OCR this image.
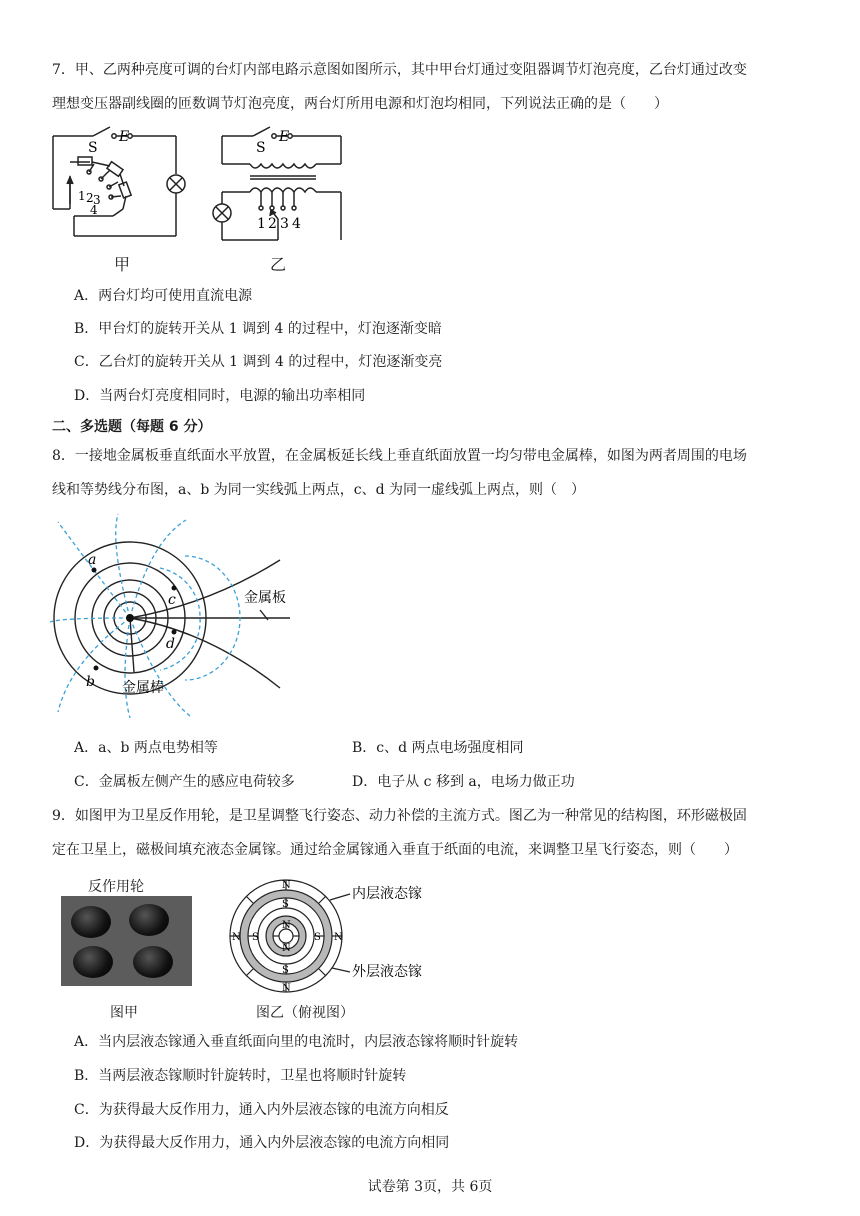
7．甲、乙两种亮度可调的台灯内部电路示意图如图所示，其中甲台灯通过变阻器调节灯泡亮度，乙台灯通过改变
理想变压器副线圈的匝数调节灯泡亮度，两台灯所用电源和灯泡均相同，下列说法正确的是（　　）
S
E
1 2 3
4
甲
S
E
1 2 3 4
乙
A．两台灯均可使用直流电源
B．甲台灯的旋转开关从 1 调到 4 的过程中，灯泡逐渐变暗
C．乙台灯的旋转开关从 1 调到 4 的过程中，灯泡逐渐变亮
D．当两台灯亮度相同时，电源的输出功率相同
二、多选题（每题 6 分）
8．一接地金属板垂直纸面水平放置，在金属板延长线上垂直纸面放置一均匀带电金属棒，如图为两者周围的电场
线和等势线分布图，a、b 为同一实线弧上两点，c、d 为同一虚线弧上两点，则（　）
a
b
c
d
金属板
金属棒
A．a、b 两点电势相等	B．c、d 两点电场强度相同
C．金属板左侧产生的感应电荷较多	D．电子从 c 移到 a，电场力做正功
9．如图甲为卫星反作用轮，是卫星调整飞行姿态、动力补偿的主流方式。图乙为一种常见的结构图，环形磁极固
定在卫星上，磁极间填充液态金属镓。通过给金属镓通入垂直于纸面的电流，来调整卫星飞行姿态，则（　　）
反作用轮
图甲
N
S
S
S	S
N	N
N
N
N
内层液态镓
外层液态镓
图乙（俯视图）
A．当内层液态镓通入垂直纸面向里的电流时，内层液态镓将顺时针旋转
B．当两层液态镓顺时针旋转时，卫星也将顺时针旋转
C．为获得最大反作用力，通入内外层液态镓的电流方向相反
D．为获得最大反作用力，通入内外层液态镓的电流方向相同
试卷第 3页，共 6页
